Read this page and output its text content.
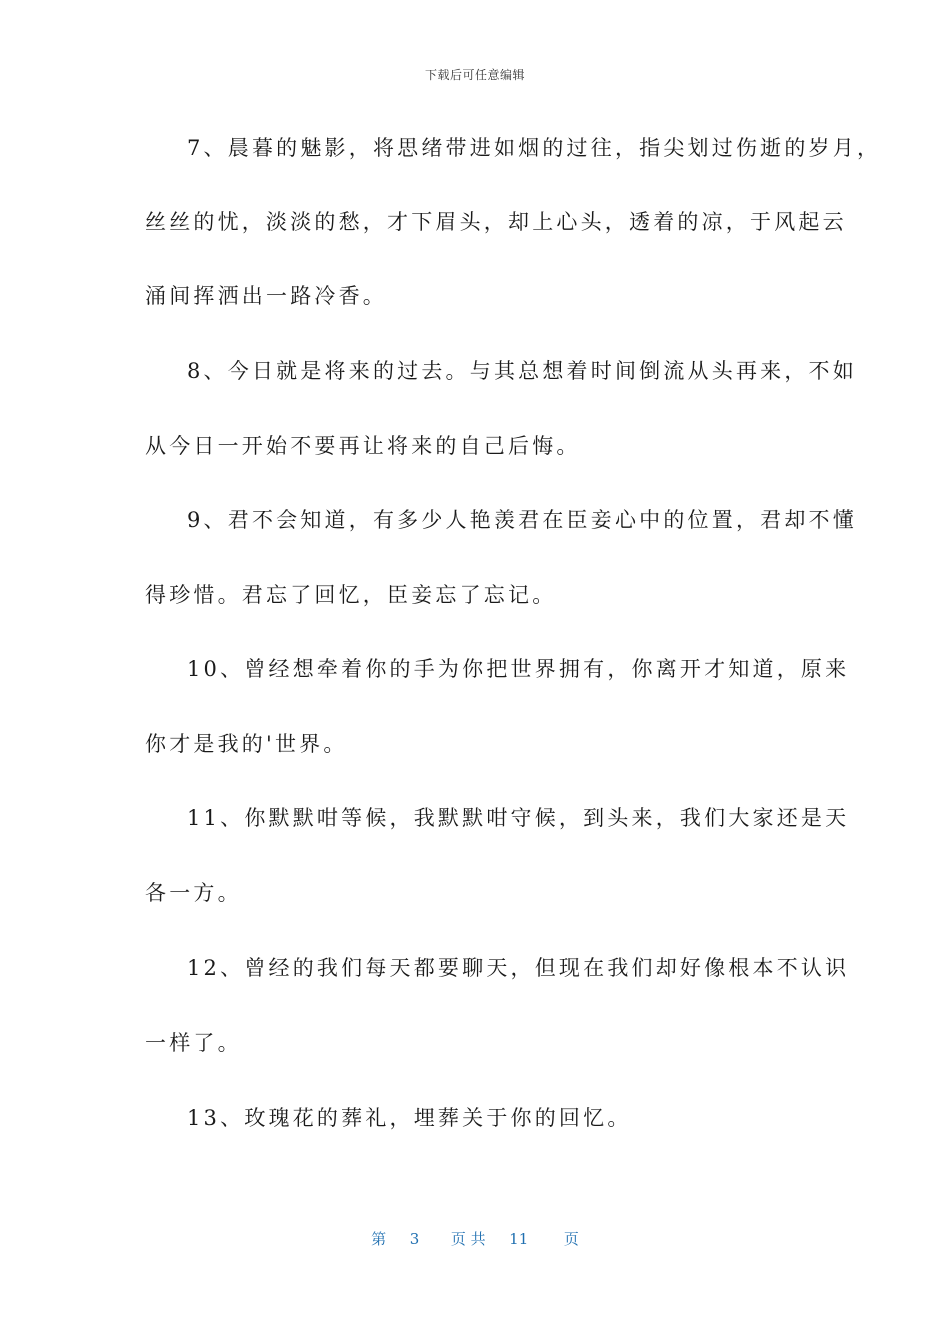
下载后可任意编辑
7、晨暮的魅影，将思绪带进如烟的过往，指尖划过伤逝的岁月，
丝丝的忧，淡淡的愁，才下眉头，却上心头，透着的凉，于风起云
涌间挥洒出一路冷香。
8、今日就是将来的过去。与其总想着时间倒流从头再来，不如
从今日一开始不要再让将来的自己后悔。
9、君不会知道，有多少人艳羡君在臣妾心中的位置，君却不懂
得珍惜。君忘了回忆，臣妾忘了忘记。
10、曾经想牵着你的手为你把世界拥有，你离开才知道，原来
你才是我的'世界。
11、你默默咁等候，我默默咁守候，到头来，我们大家还是天
各一方。
12、曾经的我们每天都要聊天，但现在我们却好像根本不认识
一样了。
13、玫瑰花的葬礼，埋葬关于你的回忆。
第 3 页 共 11 页
